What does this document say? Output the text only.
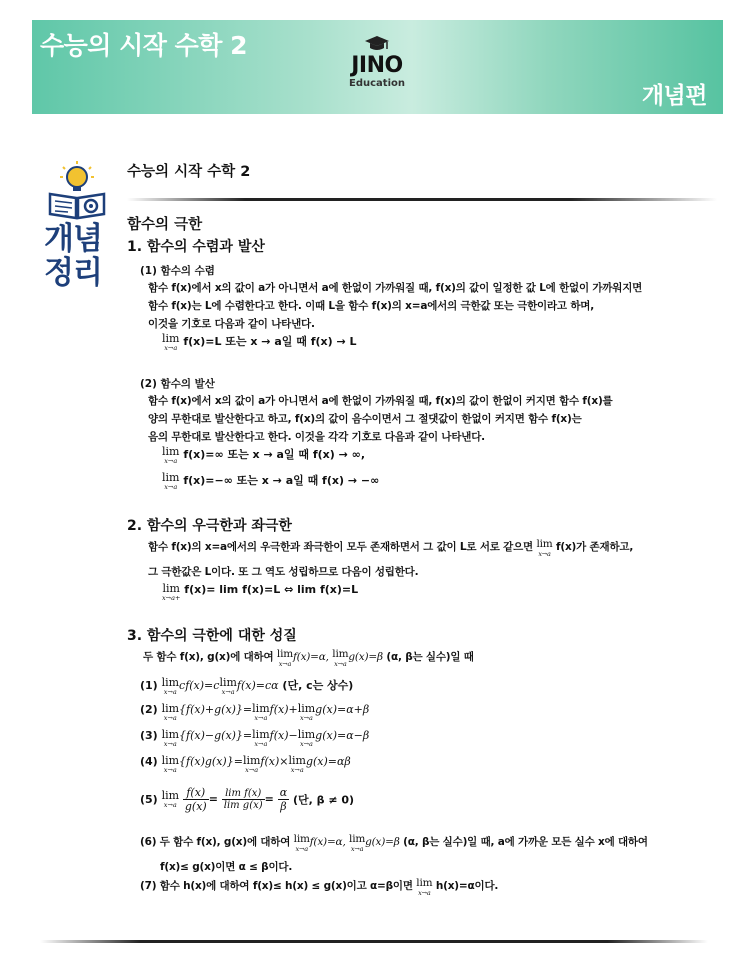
수능의 시작 수학 2
JINO
Education	개념편
개념
정리
수능의 시작 수학 2
함수의 극한
1. 함수의 수렴과 발산
(1) 함수의 수렴
함수 f(x)에서 x의 값이 a가 아니면서 a에 한없이 가까워질 때, f(x)의 값이 일정한 값 L에 한없이 가까워지면
함수 f(x)는 L에 수렴한다고 한다. 이때 L을 함수 f(x)의 x=a에서의 극한값 또는 극한이라고 하며,
이것을 기호로 다음과 같이 나타낸다.
lim
x→a f(x)=L 또는 x → a일 때 f(x) → L
(2) 함수의 발산
함수 f(x)에서 x의 값이 a가 아니면서 a에 한없이 가까워질 때, f(x)의 값이 한없이 커지면 함수 f(x)를
양의 무한대로 발산한다고 하고, f(x)의 값이 음수이면서 그 절댓값이 한없이 커지면 함수 f(x)는
음의 무한대로 발산한다고 한다. 이것을 각각 기호로 다음과 같이 나타낸다.
lim
x→a f(x)=∞ 또는 x → a일 때 f(x) → ∞,
lim
x→a f(x)=−∞ 또는 x → a일 때 f(x) → −∞
2. 함수의 우극한과 좌극한
함수 f(x)의 x=a에서의 우극한과 좌극한이 모두 존재하면서 그 값이 L로 서로 같으면 lim
x→a
f(x)가 존재하고,
그 극한값은 L이다. 또 그 역도 성립하므로 다음이 성립한다.
lim
x→a+
f(x)= lim f(x)=L ⇔ lim f(x)=L
3. 함수의 극한에 대한 성질
두 함수 f(x), g(x)에 대하여 lim
x→a
f(x)=α, lim
x→a
g(x)=β (α, β는 실수)일 때
(1) lim
x→a cf(x)=clim
x→a f(x)=cα (단, c는 상수)
(2) lim
x→a
{f(x)+g(x)}=lim
x→a
f(x)+lim
x→a
g(x)=α+β
(3) lim
x→a
{f(x)−g(x)}=lim
x→a
f(x)−lim
x→a
g(x)=α−β
(4) lim
x→a
{f(x)g(x)}=lim
x→a
f(x)×lim
x→a
g(x)=αβ
(5) lim
x→a
$\frac{f(x)}{g(x)} = \frac{\text{lim f(x)}}{\text{lim g(x)}} = \frac{\alpha}{\beta}$ (단, β ≠ 0)
(6) 두 함수 f(x), g(x)에 대하여 lim
x→a
f(x)=α, lim
x→a
g(x)=β (α, β는 실수)일 때, a에 가까운 모든 실수 x에 대하여
f(x)≤ g(x)이면 α ≤ β이다.
(7) 함수 h(x)에 대하여 f(x)≤ h(x) ≤ g(x)이고 α=β이면 lim
x→a
h(x)=α이다.
